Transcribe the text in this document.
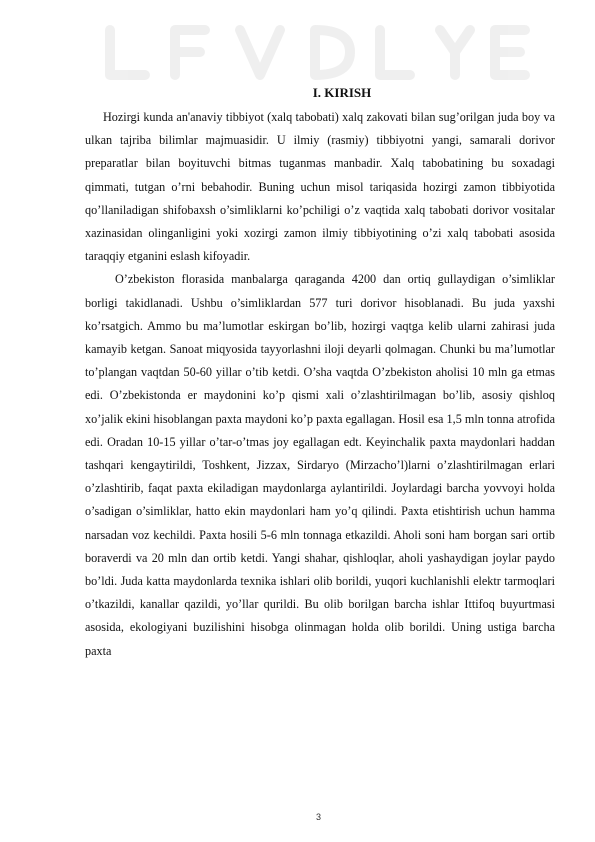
I. KIRISH

Hozirgi kunda an'anaviy tibbiyot (xalq tabobati) xalq zakovati bilan sug’orilgan juda boy va ulkan tajriba bilimlar majmuasidir. U ilmiy (rasmiy) tibbiyotni yangi, samarali dorivor preparatlar bilan boyituvchi bitmas tuganmas manbadir. Xalq tabobatining bu soxadagi qimmati, tutgan o’rni bebahodir. Buning uchun misol tariqasida hozirgi zamon tibbiyotida qo’llaniladigan shifobaxsh o’simliklarni ko’pchiligi o’z vaqtida xalq tabobati dorivor vositalar xazinasidan olinganligini yoki xozirgi zamon ilmiy tibbiyotining o’zi xalq tabobati asosida taraqqiy etganini eslash kifoyadir.

O’zbekiston florasida manbalarga qaraganda 4200 dan ortiq gullaydigan o’simliklar borligi takidlanadi. Ushbu o’simliklardan 577 turi dorivor hisoblanadi. Bu juda yaxshi ko’rsatgich. Ammo bu ma’lumotlar eskirgan bo’lib, hozirgi vaqtga kelib ularni zahirasi juda kamayib ketgan. Sanoat miqyosida tayyorlashni iloji deyarli qolmagan. Chunki bu ma’lumotlar to’plangan vaqtdan 50-60 yillar o’tib ketdi. O’sha vaqtda O’zbekiston aholisi 10 mln ga etmas edi. O’zbekistonda er maydonini ko’p qismi xali o’zlashtirilmagan bo’lib, asosiy qishloq xo’jalik ekini hisoblangan paxta maydoni ko’p paxta egallagan. Hosil esa 1,5 mln tonna atrofida edi. Oradan 10-15 yillar o’tar-o’tmas joy egallagan edt. Keyinchalik paxta maydonlari haddan tashqari kengaytirildi, Toshkent, Jizzax, Sirdaryo (Mirzacho’l)larni o’zlashtirilmagan erlari o’zlashtirib, faqat paxta ekiladigan maydonlarga aylantirildi. Joylardagi barcha yovvoyi holda o’sadigan o’simliklar, hatto ekin maydonlari ham yo’q qilindi. Paxta etishtirish uchun hamma narsadan voz kechildi. Paxta hosili 5-6 mln tonnaga etkazildi. Aholi soni ham borgan sari ortib boraverdi va 20 mln dan ortib ketdi. Yangi shahar, qishloqlar, aholi yashaydigan joylar paydo bo’ldi. Juda katta maydonlarda texnika ishlari olib borildi, yuqori kuchlanishli elektr tarmoqlari o’tkazildi, kanallar qazildi, yo’llar qurildi. Bu olib borilgan barcha ishlar Ittifoq buyurtmasi asosida, ekologiyani buzilishini hisobga olinmagan holda olib borildi. Uning ustiga barcha paxta

3
